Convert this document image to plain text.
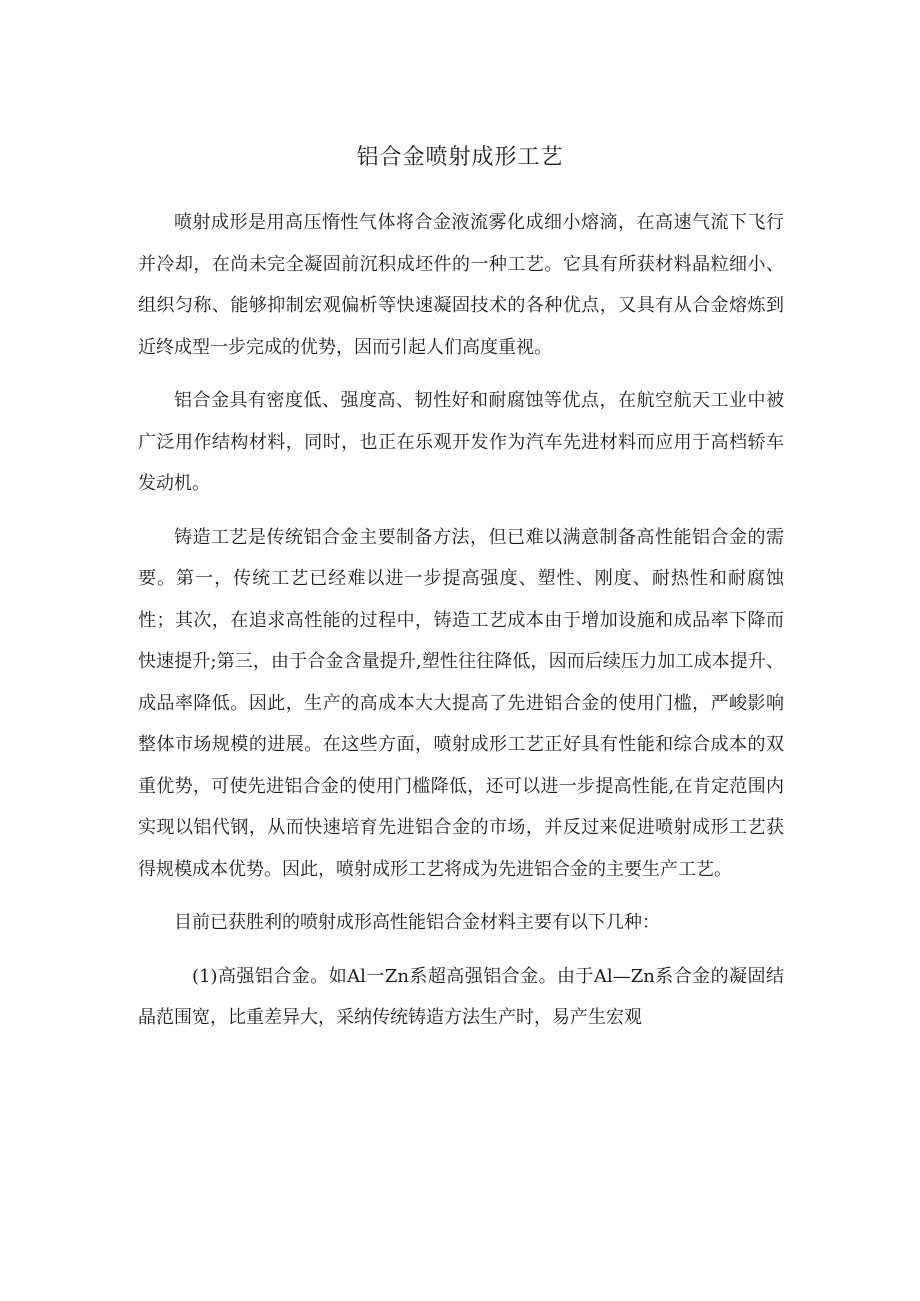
铝合金喷射成形工艺

喷射成形是用高压惰性气体将合金液流雾化成细小熔滴，在高速气流下飞行并冷却，在尚未完全凝固前沉积成坯件的一种工艺。它具有所获材料晶粒细小、组织匀称、能够抑制宏观偏析等快速凝固技术的各种优点，又具有从合金熔炼到近终成型一步完成的优势，因而引起人们高度重视。

铝合金具有密度低、强度高、韧性好和耐腐蚀等优点，在航空航天工业中被广泛用作结构材料，同时，也正在乐观开发作为汽车先进材料而应用于高档轿车发动机。

铸造工艺是传统铝合金主要制备方法，但已难以满意制备高性能铝合金的需要。第一，传统工艺已经难以进一步提高强度、塑性、刚度、耐热性和耐腐蚀性；其次，在追求高性能的过程中，铸造工艺成本由于增加设施和成品率下降而快速提升;第三，由于合金含量提升,塑性往往降低，因而后续压力加工成本提升、成品率降低。因此，生产的高成本大大提高了先进铝合金的使用门槛，严峻影响整体市场规模的进展。在这些方面，喷射成形工艺正好具有性能和综合成本的双重优势，可使先进铝合金的使用门槛降低，还可以进一步提高性能,在肯定范围内实现以铝代钢，从而快速培育先进铝合金的市场，并反过来促进喷射成形工艺获得规模成本优势。因此，喷射成形工艺将成为先进铝合金的主要生产工艺。

目前已获胜利的喷射成形高性能铝合金材料主要有以下几种：

(1)高强铝合金。如Al一Zn系超高强铝合金。由于Al—Zn系合金的凝固结晶范围宽，比重差异大，采纳传统铸造方法生产时，易产生宏观
